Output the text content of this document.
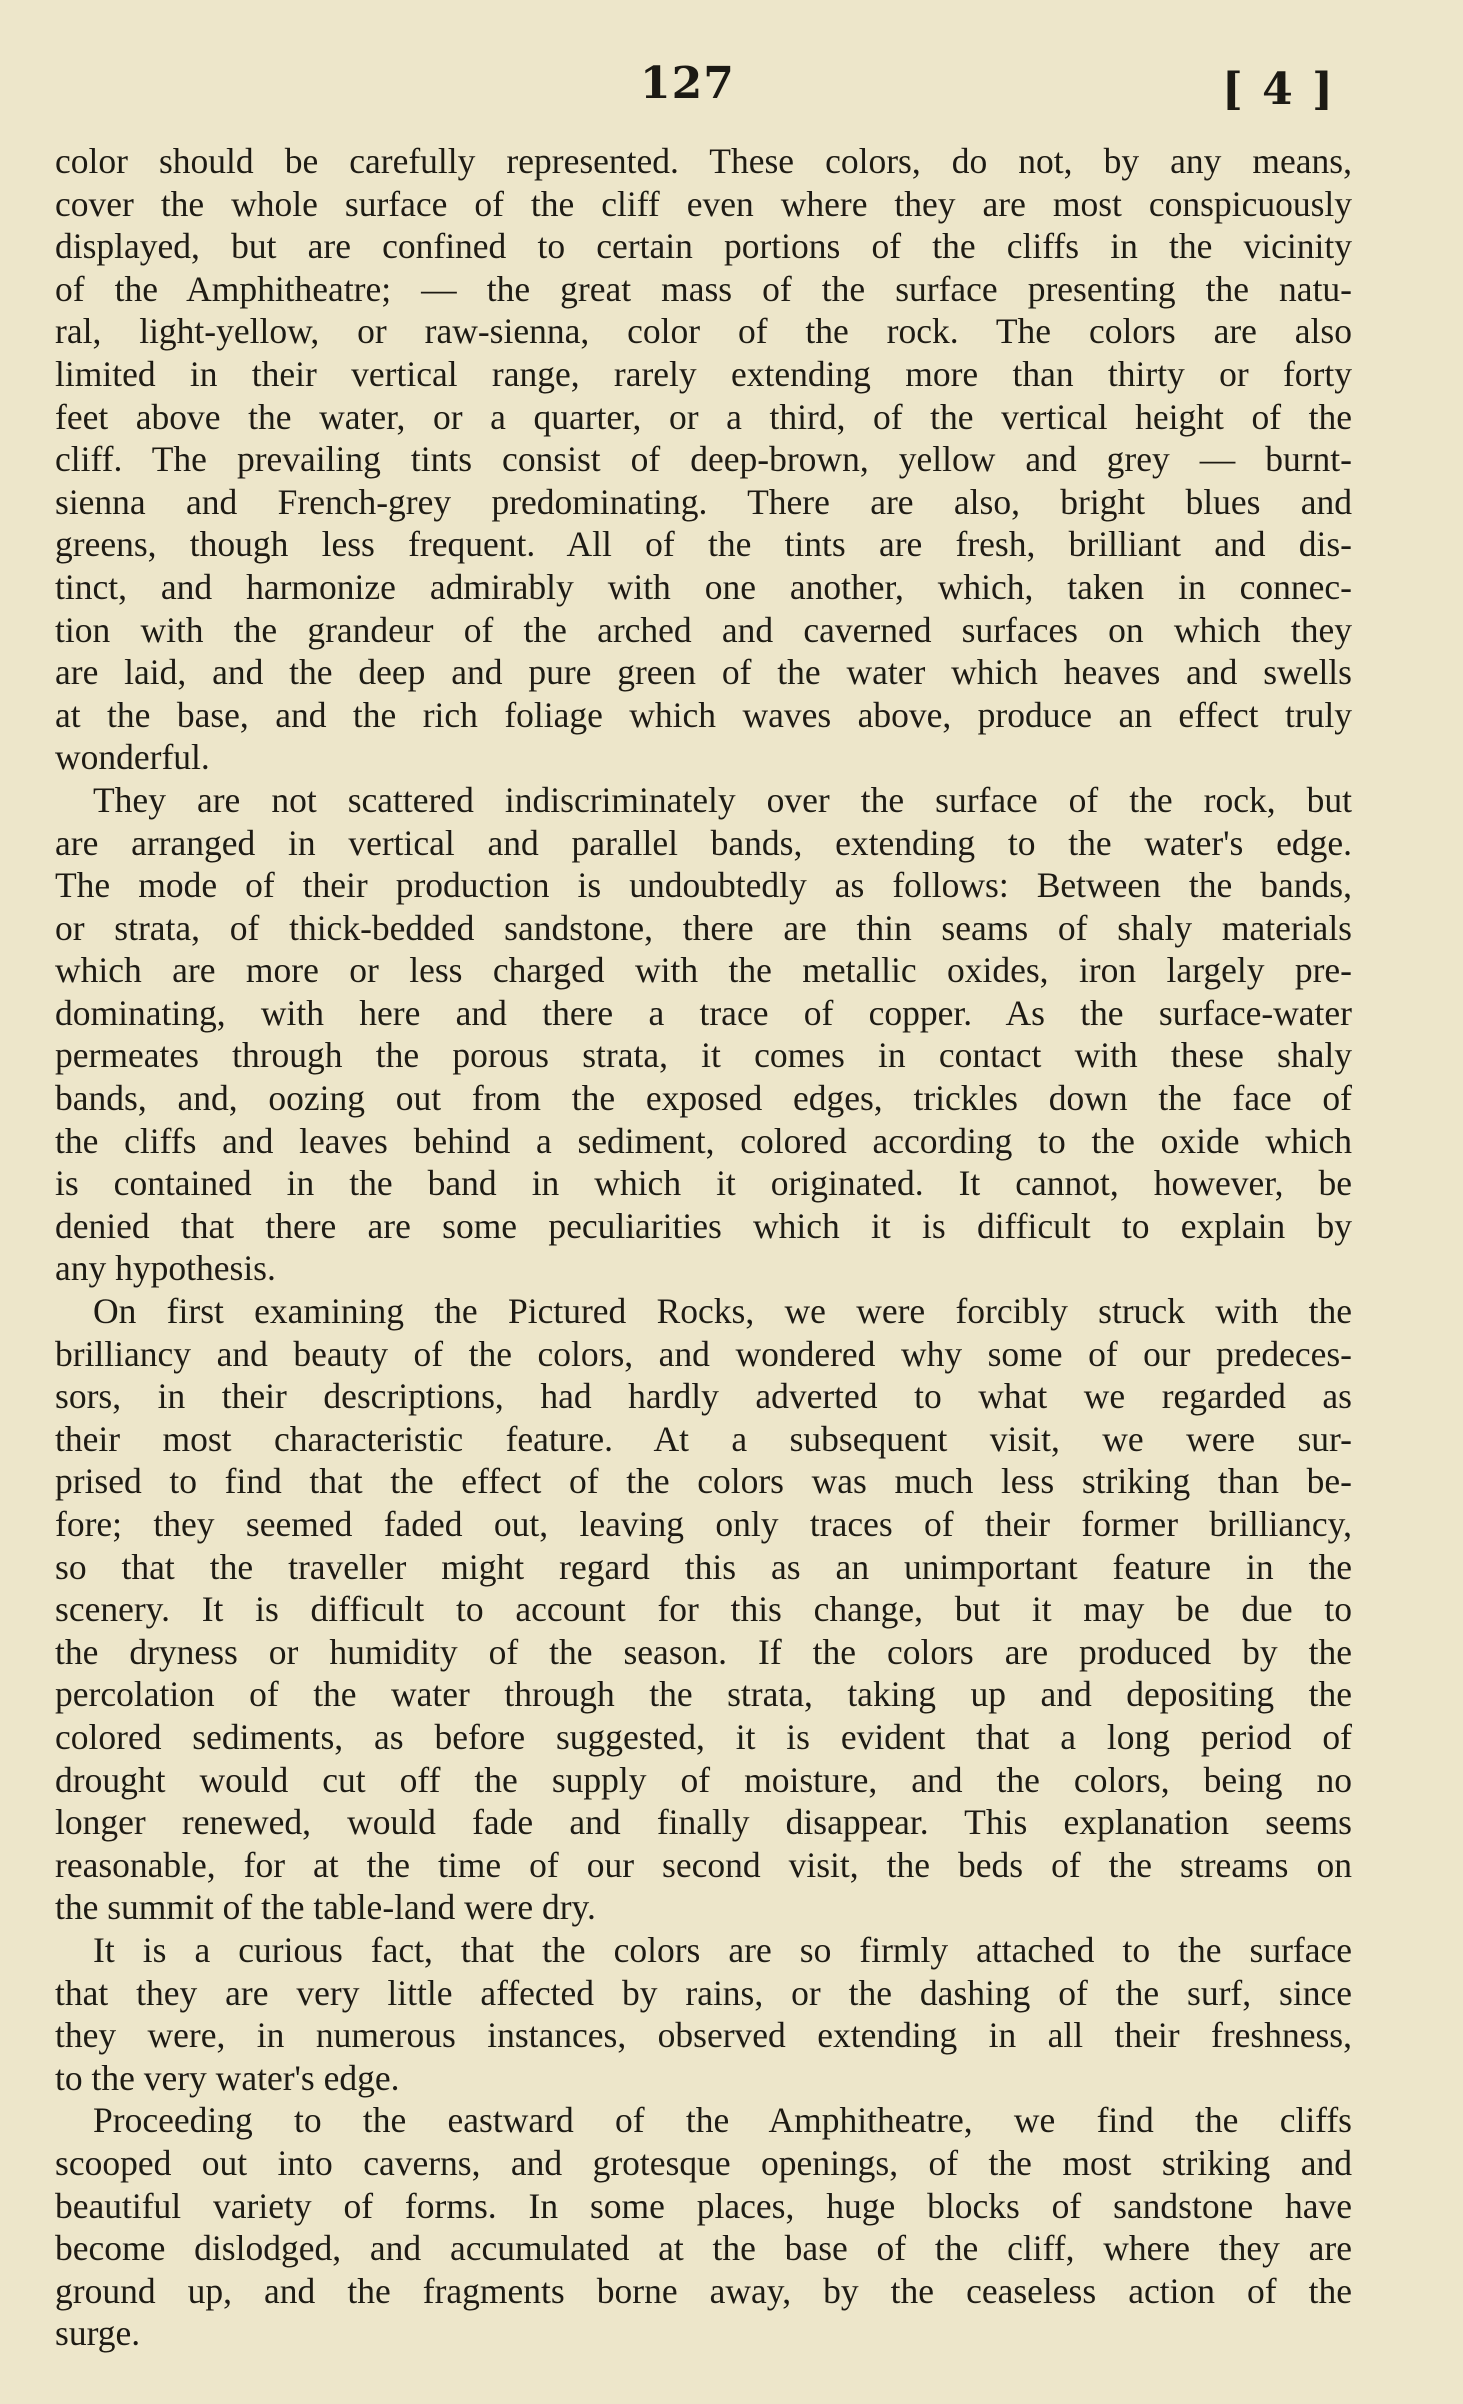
127	[ 4 ]
color should be carefully represented. These colors, do not, by any means,
cover the whole surface of the cliff even where they are most conspicuously
displayed, but are confined to certain portions of the cliffs in the vicinity
of the Amphitheatre; — the great mass of the surface presenting the natu-
ral, light-yellow, or raw-sienna, color of the rock. The colors are also
limited in their vertical range, rarely extending more than thirty or forty
feet above the water, or a quarter, or a third, of the vertical height of the
cliff. The prevailing tints consist of deep-brown, yellow and grey — burnt-
sienna and French-grey predominating. There are also, bright blues and
greens, though less frequent. All of the tints are fresh, brilliant and dis-
tinct, and harmonize admirably with one another, which, taken in connec-
tion with the grandeur of the arched and caverned surfaces on which they
are laid, and the deep and pure green of the water which heaves and swells
at the base, and the rich foliage which waves above, produce an effect truly
wonderful.
They are not scattered indiscriminately over the surface of the rock, but
are arranged in vertical and parallel bands, extending to the water's edge.
The mode of their production is undoubtedly as follows: Between the bands,
or strata, of thick-bedded sandstone, there are thin seams of shaly materials
which are more or less charged with the metallic oxides, iron largely pre-
dominating, with here and there a trace of copper. As the surface-water
permeates through the porous strata, it comes in contact with these shaly
bands, and, oozing out from the exposed edges, trickles down the face of
the cliffs and leaves behind a sediment, colored according to the oxide which
is contained in the band in which it originated. It cannot, however, be
denied that there are some peculiarities which it is difficult to explain by
any hypothesis.
On first examining the Pictured Rocks, we were forcibly struck with the
brilliancy and beauty of the colors, and wondered why some of our predeces-
sors, in their descriptions, had hardly adverted to what we regarded as
their most characteristic feature. At a subsequent visit, we were sur-
prised to find that the effect of the colors was much less striking than be-
fore; they seemed faded out, leaving only traces of their former brilliancy,
so that the traveller might regard this as an unimportant feature in the
scenery. It is difficult to account for this change, but it may be due to
the dryness or humidity of the season. If the colors are produced by the
percolation of the water through the strata, taking up and depositing the
colored sediments, as before suggested, it is evident that a long period of
drought would cut off the supply of moisture, and the colors, being no
longer renewed, would fade and finally disappear. This explanation seems
reasonable, for at the time of our second visit, the beds of the streams on
the summit of the table-land were dry.
It is a curious fact, that the colors are so firmly attached to the surface
that they are very little affected by rains, or the dashing of the surf, since
they were, in numerous instances, observed extending in all their freshness,
to the very water's edge.
Proceeding to the eastward of the Amphitheatre, we find the cliffs
scooped out into caverns, and grotesque openings, of the most striking and
beautiful variety of forms. In some places, huge blocks of sandstone have
become dislodged, and accumulated at the base of the cliff, where they are
ground up, and the fragments borne away, by the ceaseless action of the
surge.
